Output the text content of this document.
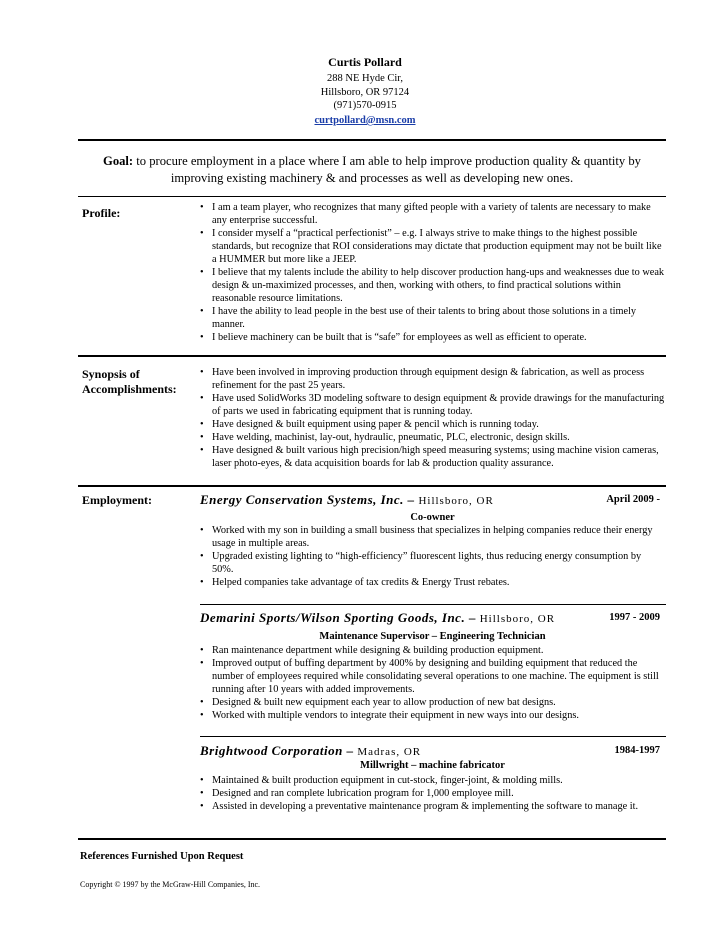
Curtis Pollard
288 NE Hyde Cir,
Hillsboro, OR 97124
(971)570-0915
curtpollard@msn.com
Goal: to procure employment in a place where I am able to help improve production quality & quantity by improving existing machinery & and processes as well as developing new ones.
Profile:
•	I am a team player, who recognizes that many gifted people with a variety of talents are necessary to make any enterprise successful.
• I consider myself a “practical perfectionist” – e.g. I always strive to make things to the highest possible standards, but recognize that ROI considerations may dictate that production equipment may not be built like a HUMMER but more like a JEEP.
• I believe that my talents include the ability to help discover production hang-ups and weaknesses due to weak design & un-maximized processes, and then, working with others, to find practical solutions within reasonable resource limitations.
• I have the ability to lead people in the best use of their talents to bring about those solutions in a timely manner.
• I believe machinery can be built that is “safe” for employees as well as efficient to operate.
Synopsis of
Accomplishments:
• Have been involved in improving production through equipment design & fabrication, as well as process refinement for the past 25 years.
• Have used SolidWorks 3D modeling software to design equipment & provide drawings for the manufacturing of parts we used in fabricating equipment that is running today.
• Have designed & built equipment using paper & pencil which is running today.
• Have welding, machinist, lay-out, hydraulic, pneumatic, PLC, electronic, design skills.
• Have designed & built various high precision/high speed measuring systems; using machine vision cameras, laser photo-eyes, & data acquisition boards for lab & production quality assurance.
Employment:	Energy Conservation Systems, Inc. – Hillsboro, OR	April 2009 -
Co-owner
• Worked with my son in building a small business that specializes in helping companies reduce their energy usage in multiple areas.
• Upgraded existing lighting to “high-efficiency” fluorescent lights, thus reducing energy consumption by 50%.
• Helped companies take advantage of tax credits & Energy Trust rebates.
Demarini Sports/Wilson Sporting Goods, Inc. – Hillsboro, OR	1997 - 2009
Maintenance Supervisor – Engineering Technician
• Ran maintenance department while designing & building production equipment.
• Improved output of buffing department by 400% by designing and building equipment that reduced the number of employees required while consolidating several operations to one machine. The equipment is still running after 10 years with added improvements.
• Designed & built new equipment each year to allow production of new bat designs.
• Worked with multiple vendors to integrate their equipment in new ways into our designs.
Brightwood Corporation – Madras, OR	1984-1997
Millwright – machine fabricator
• Maintained & built production equipment in cut-stock, finger-joint, & molding mills.
• Designed and ran complete lubrication program for 1,000 employee mill.
• Assisted in developing a preventative maintenance program & implementing the software to manage it.
References Furnished Upon Request
Copyright © 1997 by the McGraw-Hill Companies, Inc.
